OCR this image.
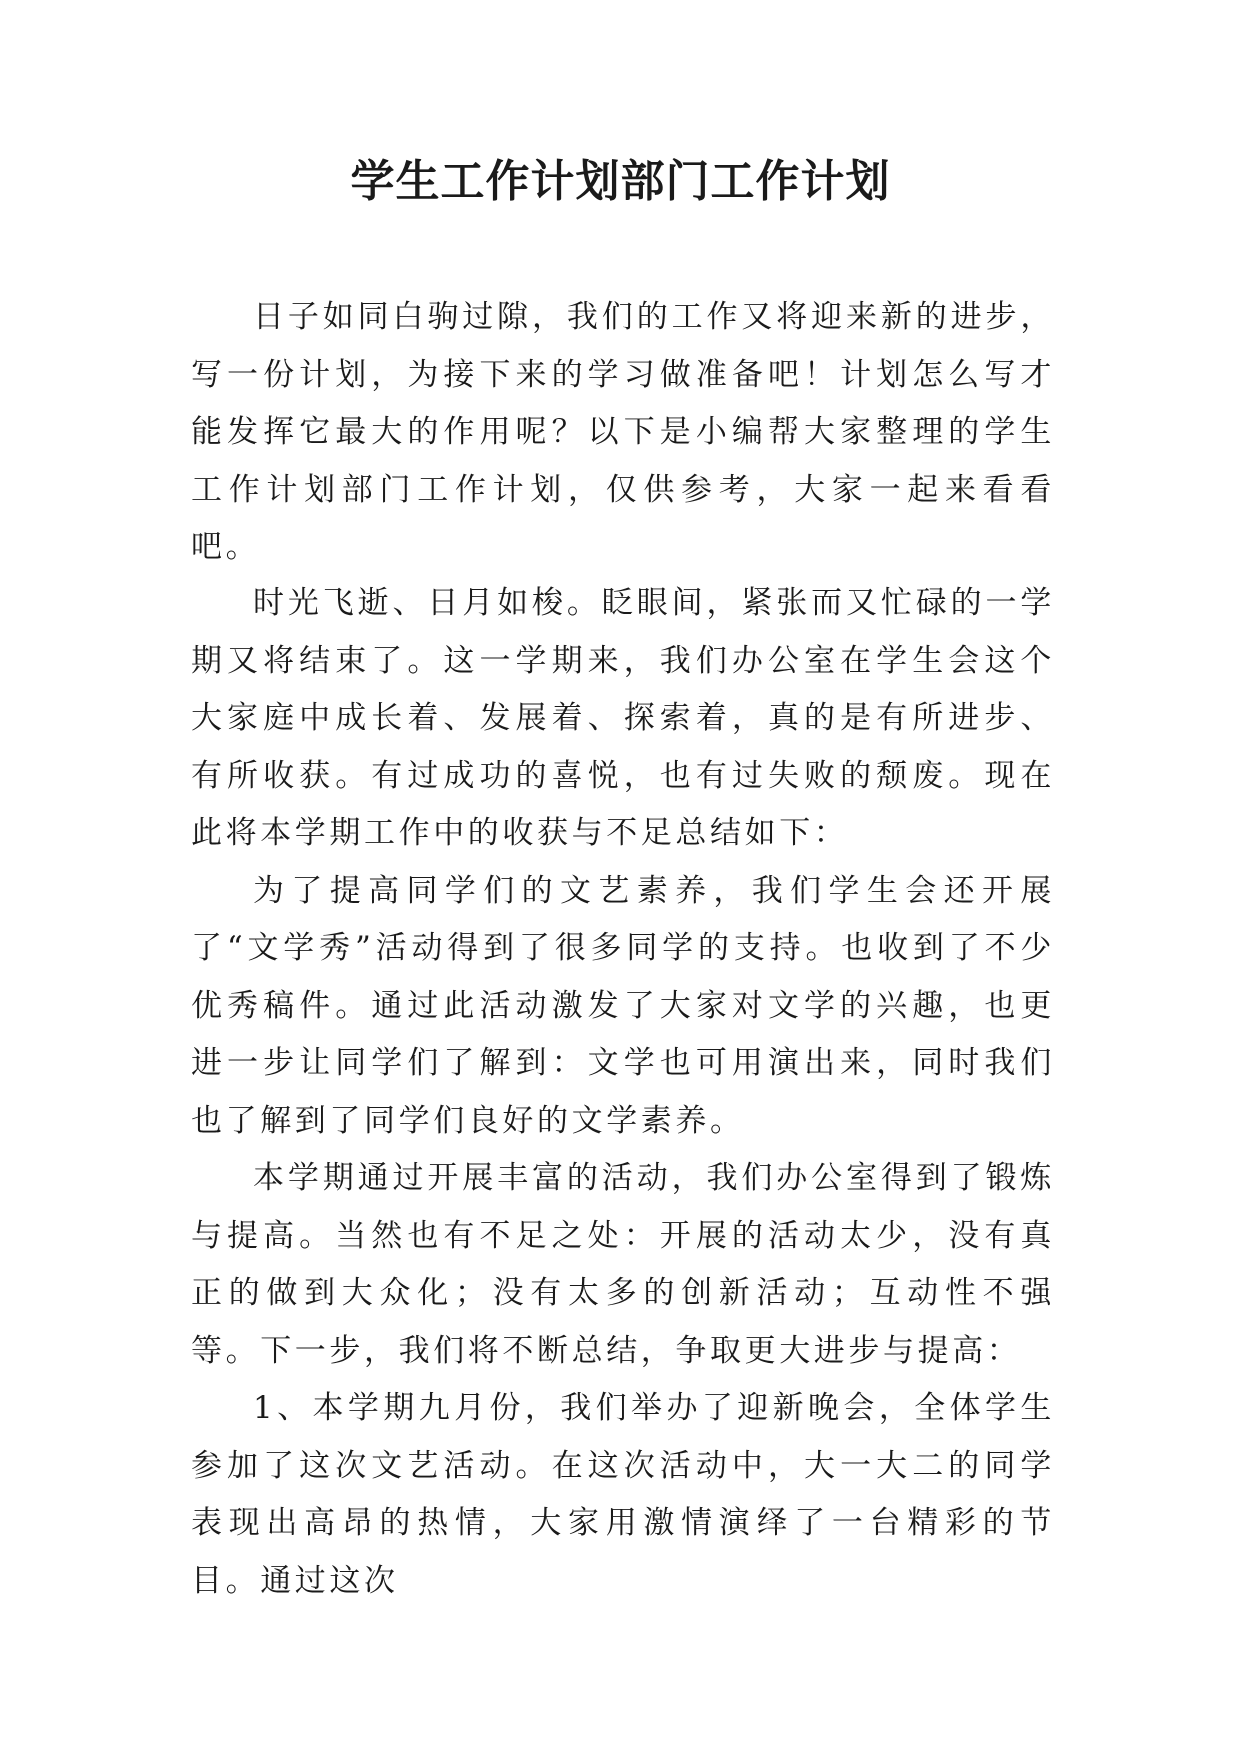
学生工作计划部门工作计划

日子如同白驹过隙，我们的工作又将迎来新的进步，写一份计划，为接下来的学习做准备吧！计划怎么写才能发挥它最大的作用呢？以下是小编帮大家整理的学生工作计划部门工作计划，仅供参考，大家一起来看看吧。

时光飞逝、日月如梭。眨眼间，紧张而又忙碌的一学期又将结束了。这一学期来，我们办公室在学生会这个大家庭中成长着、发展着、探索着，真的是有所进步、有所收获。有过成功的喜悦，也有过失败的颓废。现在此将本学期工作中的收获与不足总结如下：

为了提高同学们的文艺素养，我们学生会还开展了“文学秀”活动得到了很多同学的支持。也收到了不少优秀稿件。通过此活动激发了大家对文学的兴趣，也更进一步让同学们了解到：文学也可用演出来，同时我们也了解到了同学们良好的文学素养。

本学期通过开展丰富的活动，我们办公室得到了锻炼与提高。当然也有不足之处：开展的活动太少，没有真正的做到大众化；没有太多的创新活动；互动性不强等。下一步，我们将不断总结，争取更大进步与提高：

1、本学期九月份，我们举办了迎新晚会，全体学生参加了这次文艺活动。在这次活动中，大一大二的同学表现出高昂的热情，大家用激情演绎了一台精彩的节目。通过这次
